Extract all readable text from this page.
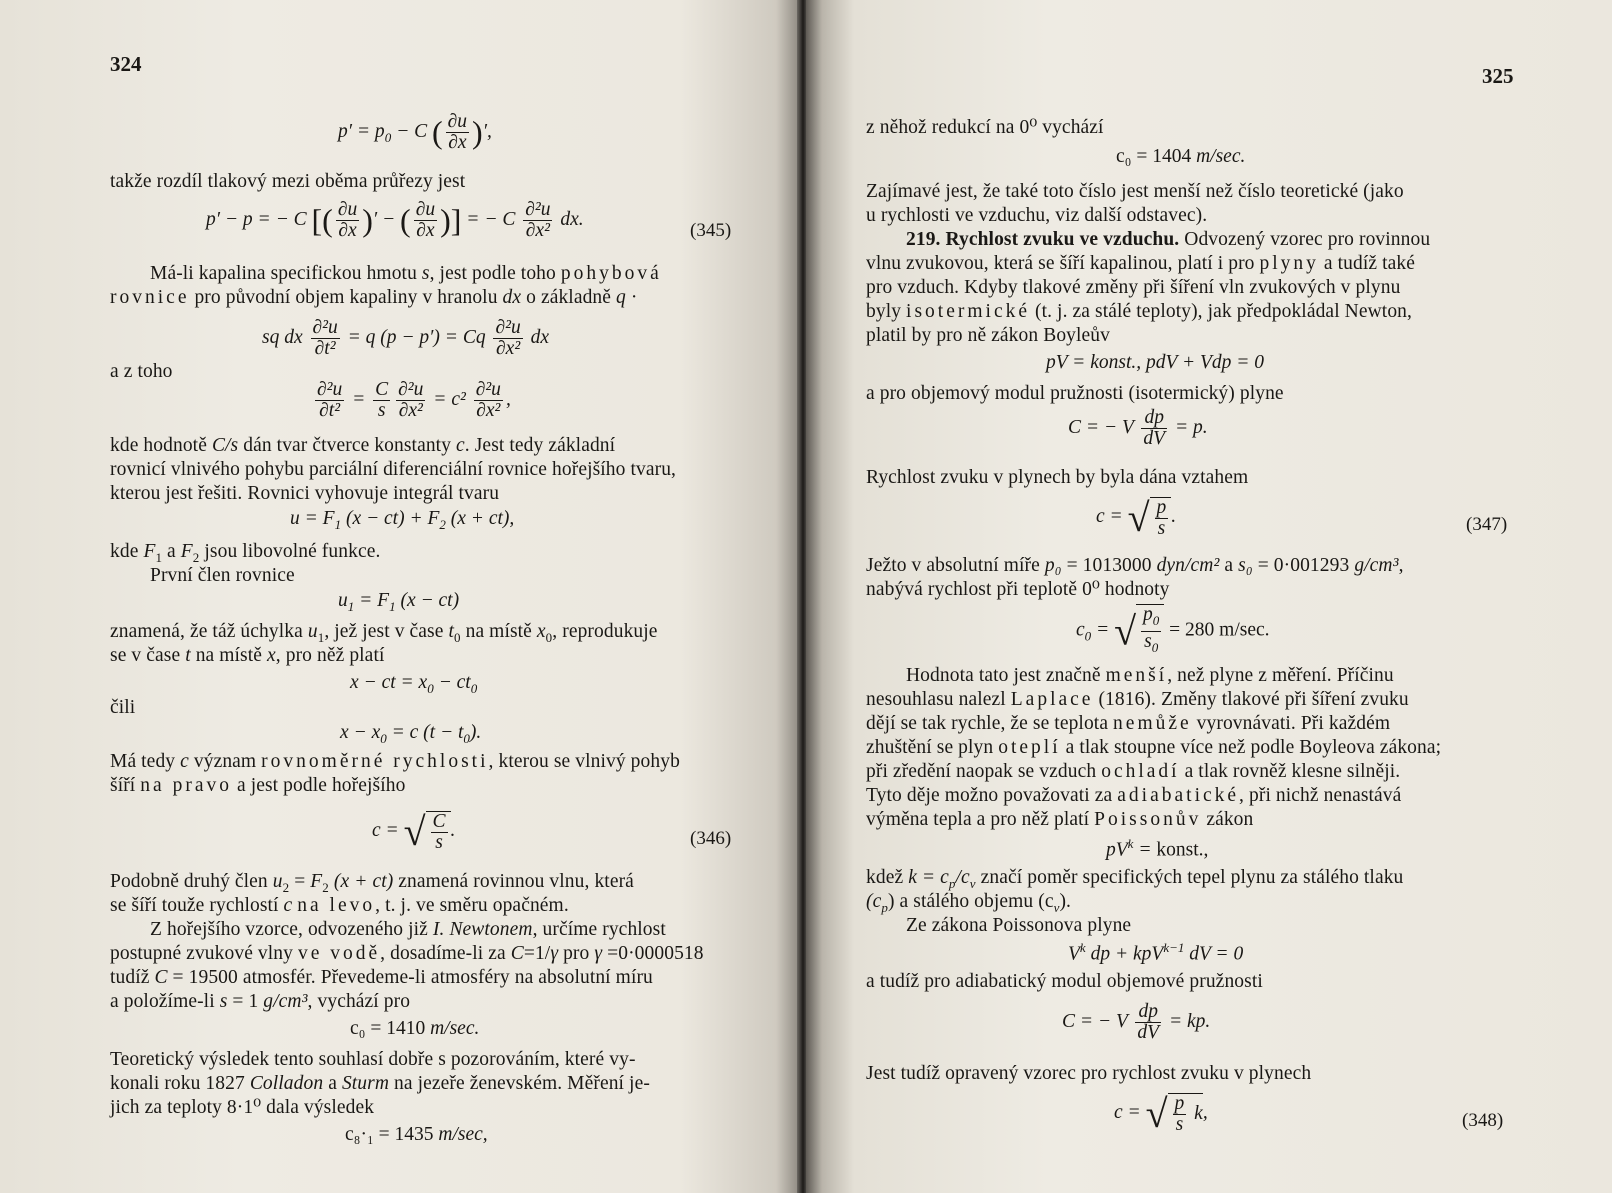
324
$p' = p_0 - C$ ( $\frac{\partial u}{\partial x}$ )′,
takže rozdíl tlakový mezi oběma průřezy jest
p′ − p = − C [( $\frac{\partial u}{\partial x}$ )′ − ( $\frac{\partial u}{\partial x}$ )] = − C $\frac{\text{∂²u}}{\text{∂x²}}$ dx.
(345)
Má-li kapalina specifickou hmotu s, jest podle toho pohybová
rovnice pro původní objem kapaliny v hranolu dx o základně q ·
sq dx $\frac{\text{∂²u}}{\text{∂t²}} = q$ (p − p′) = Cq $\frac{\text{∂²u}}{\text{∂x²}}$ dx
a z toho
$\frac{\text{∂²u}}{\text{∂t²}} = \frac{C}{s} \frac{\text{∂²u}}{\text{∂x²}} = c^2 \frac{\text{∂²u}}{\text{∂x²}}$ ,
kde hodnotě C/s dán tvar čtverce konstanty c. Jest tedy základní
rovnicí vlnivého pohybu parciální diferenciální rovnice hořejšího tvaru,
kterou jest řešiti. Rovnici vyhovuje integrál tvaru
$u = F_1$ $(x - ct) + F_2$ (x + ct),
kde $F_1$ a $F_2$ jsou libovolné funkce.
První člen rovnice
$u_1 = F_1$ (x − ct)
znamená, že táž úchylka $u_1$, jež jest v čase $t_0$ na místě $x_0$, reprodukuje
se v čase t na místě x, pro něž platí
x − ct = $x_0 - ct_0$
čili
$x - x_0 = c$ $(t - t_0)$.
Má tedy c význam rovnoměrné rychlosti, kterou se vlnivý pohyb
šíří na pravo a jest podle hořejšího
c = √ $\frac{C}{s}$ .	(346)
Podobně druhý člen $u_2 = F_2$ (x + ct) znamená rovinnou vlnu, která
se šíří touže rychlostí c na levo, t. j. ve směru opačném.
Z hořejšího vzorce, odvozeného již I. Newtonem, určíme rychlost
postupné zvukové vlny ve vodě, dosadíme-li za C=1/γ pro γ =0·0000518
tudíž C = 19500 atmosfér. Převedeme-li atmosféry na absolutní míru
a položíme-li s = 1 g/cm³, vychází pro
c₀ = 1410 m/sec.
Teoretický výsledek tento souhlasí dobře s pozorováním, které vy-
konali roku 1827 Colladon a Sturm na jezeře ženevském. Měření je-
jich za teploty 8·1⁰ dala výsledek
c₈·₁ = 1435 m/sec,
325
z něhož redukcí na 0⁰ vychází
c₀ = 1404 m/sec.
Zajímavé jest, že také toto číslo jest menší než číslo teoretické (jako
u rychlosti ve vzduchu, viz další odstavec).
219. Rychlost zvuku ve vzduchu. Odvozený vzorec pro rovinnou
vlnu zvukovou, která se šíří kapalinou, platí i pro plyny a tudíž také
pro vzduch. Kdyby tlakové změny při šíření vln zvukových v plynu
byly isotermické (t. j. za stálé teploty), jak předpokládal Newton,
platil by pro ně zákon Boyleův
pV = konst., pdV + Vdp = 0
a pro objemový modul pružnosti (isotermický) plyne
C = − V $\frac{dp}{dV} = p$.
Rychlost zvuku v plynech by byla dána vztahem
c = √ $\frac{p}{s}$ .	(347)
Ježto v absolutní míře p₀ = 1013000 dyn/cm² a s₀ = 0·001293 g/cm³,
nabývá rychlost při teplotě 0⁰ hodnoty
$c_0$ = √ $\frac{p_0}{s_0} = 280$ m/sec.
Hodnota tato jest značně menší, než plyne z měření. Příčinu
nesouhlasu nalezl Laplace (1816). Změny tlakové při šíření zvuku
dějí se tak rychle, že se teplota nemůže vyrovnávati. Při každém
zhuštění se plyn oteplí a tlak stoupne více než podle Boyleova zákona;
při zředění naopak se vzduch ochladí a tlak rovněž klesne silněji.
Tyto děje možno považovati za adiabatické, při nichž nenastává
výměna tepla a pro něž platí Poissonův zákon
$pV^k$ = konst.,
kdež $k = c_p/c_v$ značí poměr specifických tepel plynu za stálého tlaku
$(c_p)$ a stálého objemu $(c_v)$.
Ze zákona Poissonova plyne
$V^k$ dp + kpV$^{k-1}$ dV = 0
a tudíž pro adiabatický modul objemové pružnosti
C = − V $\frac{dp}{dV}$ = kp.
Jest tudíž opravený vzorec pro rychlost zvuku v plynech
c = √ $\frac{p}{s} k$,	(348)
